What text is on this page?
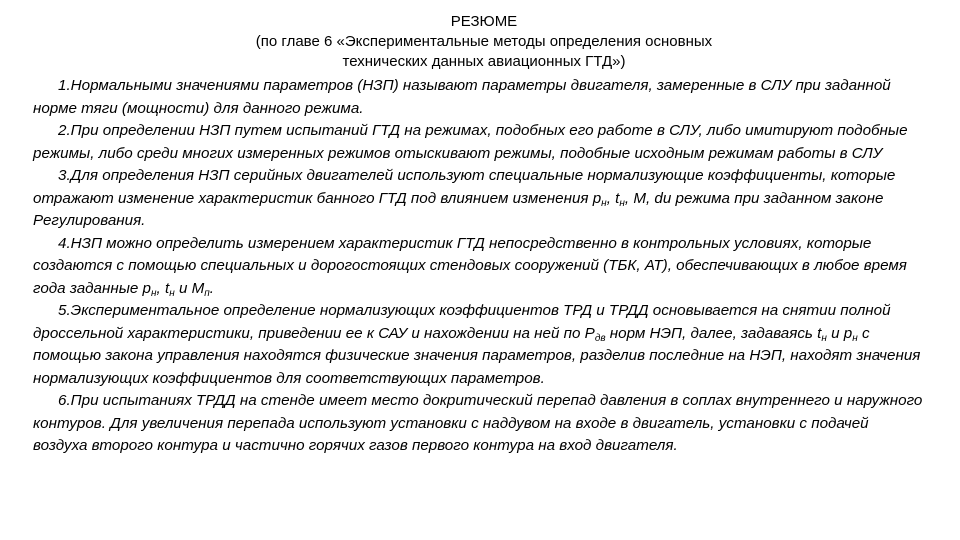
РЕЗЮМЕ
(по главе 6 «Экспериментальные методы определения основных
технических данных авиационных ГТД»)

1.Нормальными значениями параметров (НЗП) называют параметры двигателя, замеренные в СЛУ при заданной норме тяги (мощности) для данного режима.

2.При определении НЗП путем испытаний ГТД на режимах, подобных его работе в СЛУ, либо имитируют подобные режимы, либо среди многих измеренных режимов отыскивают режимы, подобные исходным режимам работы в СЛУ

3.Для определения НЗП серийных двигателей используют специальные нормализующие коэффициенты, которые отражают изменение характеристик банного ГТД под влиянием изменения $p_н$, $t_н$, M, du режима при заданном законе Регулирования.

4.НЗП можно определить измерением характеристик ГТД непосредственно в контрольных условиях, которые создаются с помощью специальных и дорогостоящих стендовых сооружений (ТБК, АТ), обеспечивающих в любое время года заданные $p_н$, $t_н$ и $M_п$.

5.Экспериментальное определение нормализующих коэффициентов ТРД и ТРДД основывается на снятии полной дроссельной характеристики, приведении ее к САУ и нахождении на ней по $P_{дв}$ норм НЭП, далее, задаваясь $t_н$ и $p_н$ с помощью закона управления находятся физические значения параметров, разделив последние на НЭП, находят значения нормализующих коэффициентов для соответствующих параметров.

6.При испытаниях ТРДД на стенде имеет место докритический перепад давления в соплах внутреннего и наружного контуров. Для увеличения перепада используют установки с наддувом на входе в двигатель, установки с подачей воздуха второго контура и частично горячих газов первого контура на вход двигателя.
